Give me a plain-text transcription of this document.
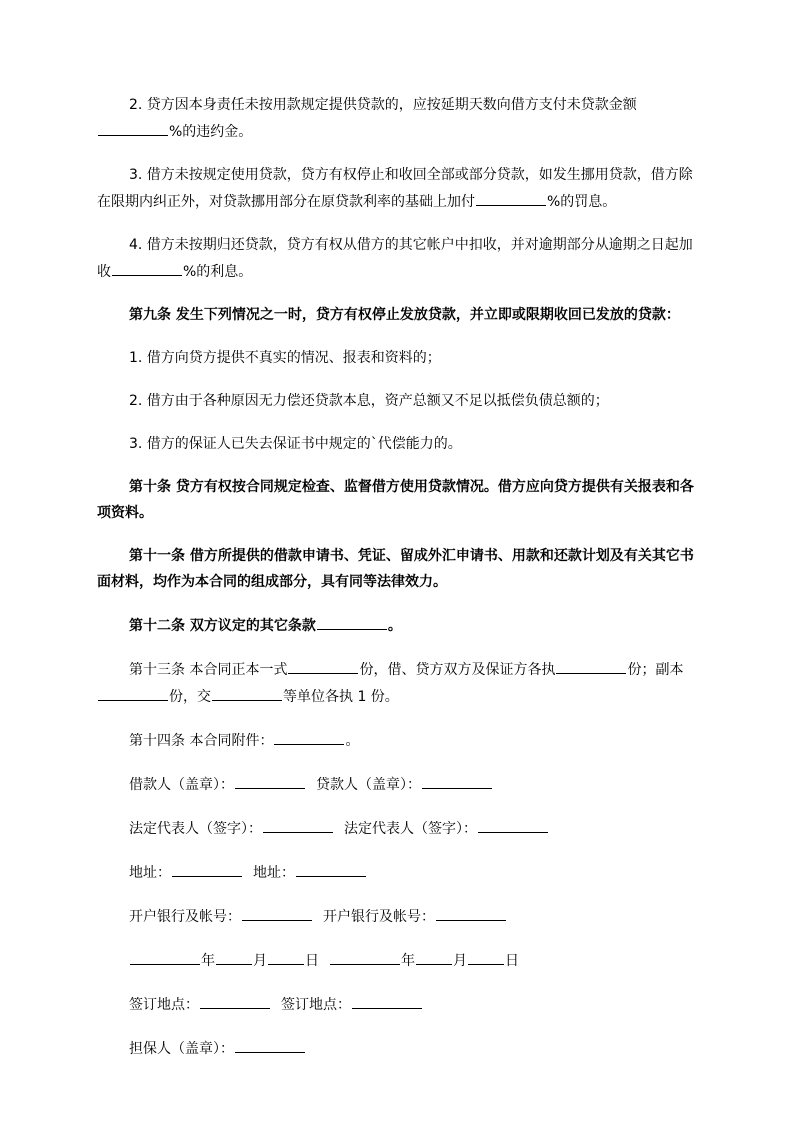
2. 贷方因本身责任未按用款规定提供贷款的，应按延期天数向借方支付未贷款金额%的违约金。

3. 借方未按规定使用贷款，贷方有权停止和收回全部或部分贷款，如发生挪用贷款，借方除在限期内纠正外，对贷款挪用部分在原贷款利率的基础上加付	%的罚息。

4. 借方未按期归还贷款，贷方有权从借方的其它帐户中扣收，并对逾期部分从逾期之日起加收	%的利息。

第九条 发生下列情况之一时，贷方有权停止发放贷款，并立即或限期收回已发放的贷款：

1. 借方向贷方提供不真实的情况、报表和资料的；

2. 借方由于各种原因无力偿还贷款本息，资产总额又不足以抵偿负债总额的；

3. 借方的保证人已失去保证书中规定的`代偿能力的。

第十条 贷方有权按合同规定检查、监督借方使用贷款情况。借方应向贷方提供有关报表和各项资料。

第十一条 借方所提供的借款申请书、凭证、留成外汇申请书、用款和还款计划及有关其它书面材料，均作为本合同的组成部分，具有同等法律效力。

第十二条 双方议定的其它条款	。

第十三条 本合同正本一式	份，借、贷方双方及保证方各执	份；副本份，交	等单位各执 1 份。

第十四条 本合同附件：	。

借款人（盖章）：	贷款人（盖章）：

法定代表人（签字）：	法定代表人（签字）：

地址：	地址：

开户银行及帐号：	开户银行及帐号：

年	月	日	年	月	日

签订地点：	签订地点：

担保人（盖章）：
